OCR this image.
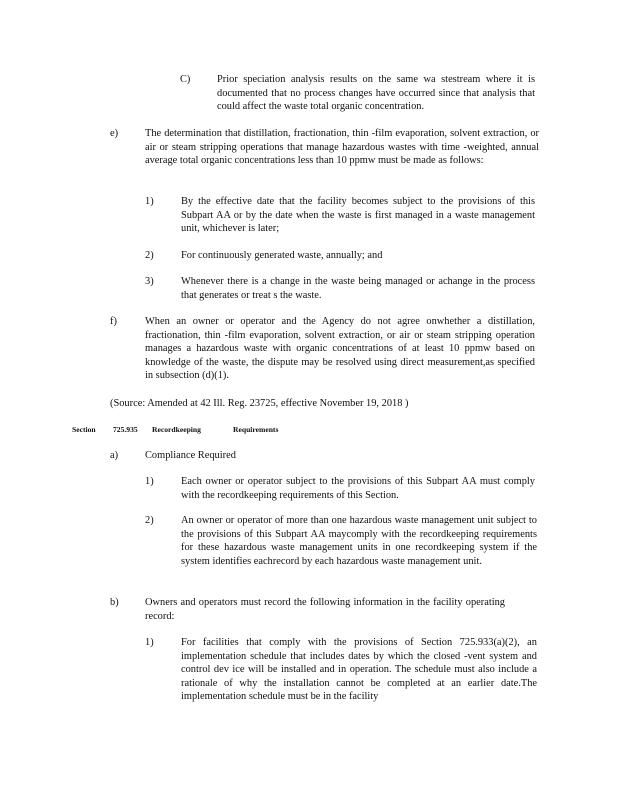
C)	Prior speciation analysis results on the same wa stestream where it is documented that no process changes have occurred since that analysis that could affect the waste total organic concentration.
e)	The determination that distillation, fractionation, thin -film evaporation, solvent extraction, or air or steam stripping operations that manage hazardous wastes with time -weighted, annual average total organic concentrations less than 10 ppmw must be made as follows:
1)	By the effective date that the facility becomes subject to the provisions of this Subpart AA or by the date when the waste is first managed in a waste management unit, whichever is later;
2)	For continuously generated waste, annually; and
3)	Whenever there is a change in the waste being managed or achange in the process that generates or treat s the waste.
f)	When an owner or operator and the Agency do not agree onwhether a distillation, fractionation, thin -film evaporation, solvent extraction, or air or steam stripping operation manages a hazardous waste with organic concentrations of at least 10 ppmw based on knowledge of the waste, the dispute may be resolved using direct measurement,as specified in subsection (d)(1).
(Source: Amended at 42 Ill. Reg. 23725, effective November 19, 2018 )
Section 725.935 Recordkeeping	Requirements
a)	Compliance Required
1)	Each owner or operator subject to the provisions of this Subpart AA must comply with the recordkeeping requirements of this Section.
2)	An owner or operator of more than one hazardous waste management unit subject to the provisions of this Subpart AA maycomply with the recordkeeping requirements for these hazardous waste management units in one recordkeeping system if the system identifies eachrecord by each hazardous waste management unit.
b)	Owners and operators must record the following information in the facility operating record:
1)	For facilities that comply with the provisions of Section 725.933(a)(2), an implementation schedule that includes dates by which the closed -vent system and control dev ice will be installed and in operation. The schedule must also include a rationale of why the installation cannot be completed at an earlier date.The implementation schedule must be in the facility
